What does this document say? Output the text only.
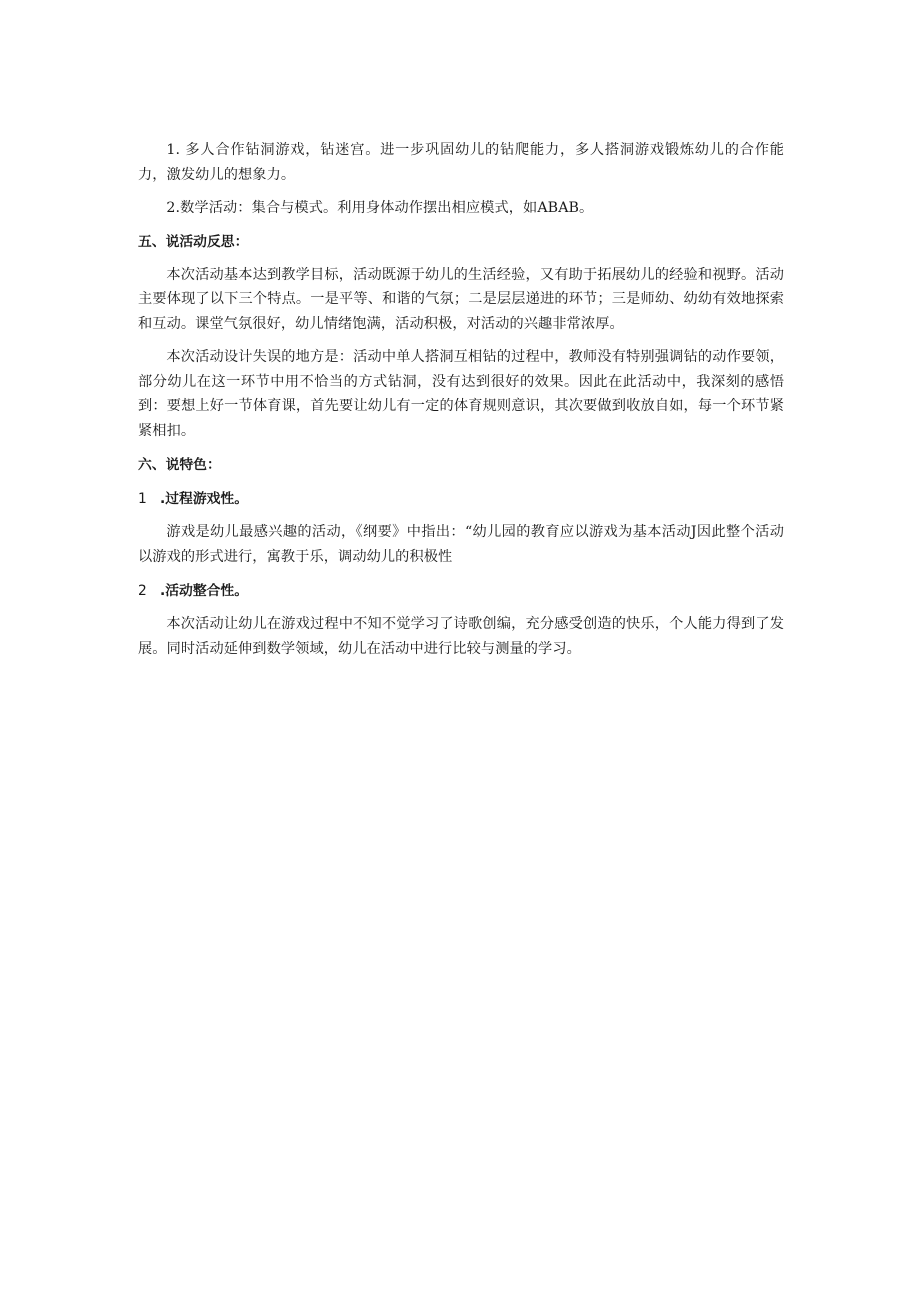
1. 多人合作钻洞游戏，钻迷宫。进一步巩固幼儿的钻爬能力，多人搭洞游戏锻炼幼儿的合作能力，激发幼儿的想象力。

2.数学活动：集合与模式。利用身体动作摆出相应模式，如ABAB。

五、说活动反思：

本次活动基本达到教学目标，活动既源于幼儿的生活经验，又有助于拓展幼儿的经验和视野。活动主要体现了以下三个特点。一是平等、和谐的气氛；二是层层递进的环节；三是师幼、幼幼有效地探索和互动。课堂气氛很好，幼儿情绪饱满，活动积极，对活动的兴趣非常浓厚。

本次活动设计失误的地方是：活动中单人搭洞互相钻的过程中，教师没有特别强调钻的动作要领，部分幼儿在这一环节中用不恰当的方式钻洞，没有达到很好的效果。因此在此活动中，我深刻的感悟到：要想上好一节体育课，首先要让幼儿有一定的体育规则意识，其次要做到收放自如，每一个环节紧紧相扣。

六、说特色：

1 .过程游戏性。

游戏是幼儿最感兴趣的活动，《纲要》中指出：“幼儿园的教育应以游戏为基本活动J因此整个活动以游戏的形式进行，寓教于乐，调动幼儿的积极性

2 .活动整合性。

本次活动让幼儿在游戏过程中不知不觉学习了诗歌创编，充分感受创造的快乐，个人能力得到了发展。同时活动延伸到数学领域，幼儿在活动中进行比较与测量的学习。
